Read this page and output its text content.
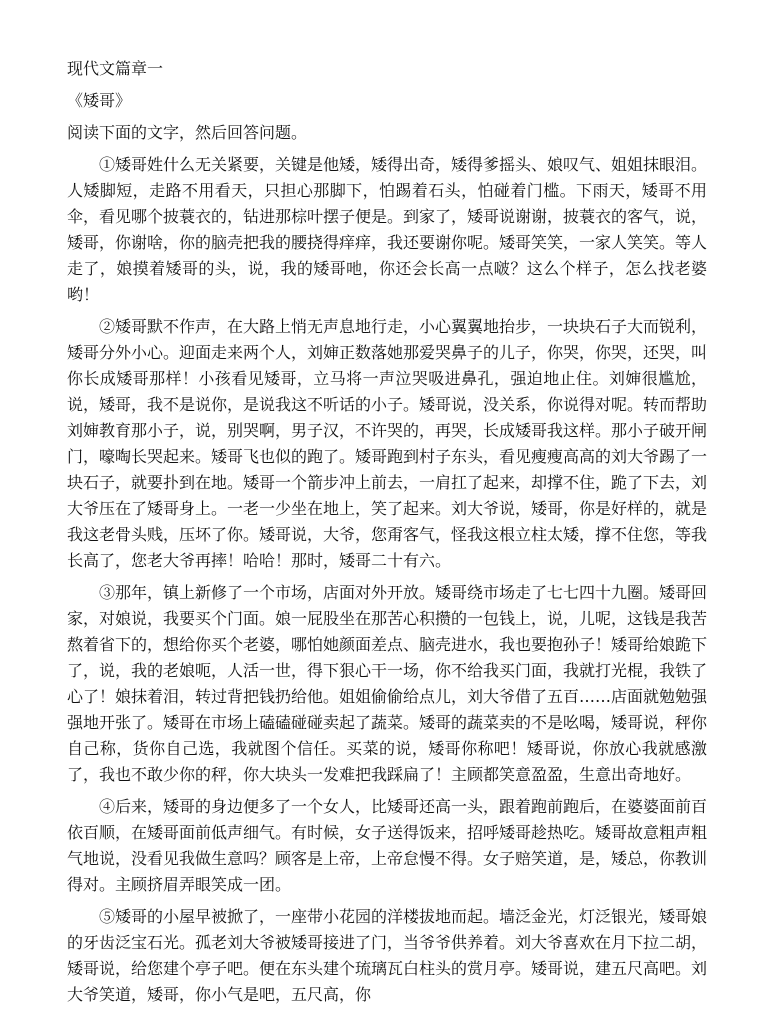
现代文篇章一
《矮哥》
阅读下面的文字，然后回答问题。

①矮哥姓什么无关紧要，关键是他矮，矮得出奇，矮得爹摇头、娘叹气、姐姐抹眼泪。人矮脚短，走路不用看天，只担心那脚下，怕踢着石头，怕碰着门槛。下雨天，矮哥不用伞，看见哪个披蓑衣的，钻进那棕叶摆子便是。到家了，矮哥说谢谢，披蓑衣的客气，说，矮哥，你谢啥，你的脑壳把我的腰挠得痒痒，我还要谢你呢。矮哥笑笑，一家人笑笑。等人走了，娘摸着矮哥的头，说，我的矮哥吔，你还会长高一点啵？这么个样子，怎么找老婆哟！

②矮哥默不作声，在大路上悄无声息地行走，小心翼翼地抬步，一块块石子大而锐利，矮哥分外小心。迎面走来两个人，刘婶正数落她那爱哭鼻子的儿子，你哭，你哭，还哭，叫你长成矮哥那样！小孩看见矮哥，立马将一声泣哭吸进鼻孔，强迫地止住。刘婶很尴尬，说，矮哥，我不是说你，是说我这不听话的小子。矮哥说，没关系，你说得对呢。转而帮助刘婶教育那小子，说，别哭啊，男子汉，不许哭的，再哭，长成矮哥我这样。那小子破开闸门，嚎啕长哭起来。矮哥飞也似的跑了。矮哥跑到村子东头，看见瘦瘦高高的刘大爷踢了一块石子，就要扑到在地。矮哥一个箭步冲上前去，一肩扛了起来，却撑不住，跪了下去，刘大爷压在了矮哥身上。一老一少坐在地上，笑了起来。刘大爷说，矮哥，你是好样的，就是我这老骨头贱，压坏了你。矮哥说，大爷，您甭客气，怪我这根立柱太矮，撑不住您，等我长高了，您老大爷再摔！哈哈！那时，矮哥二十有六。

③那年，镇上新修了一个市场，店面对外开放。矮哥绕市场走了七七四十九圈。矮哥回家，对娘说，我要买个门面。娘一屁股坐在那苦心积攒的一包钱上，说，儿呢，这钱是我苦熬着省下的，想给你买个老婆，哪怕她颜面差点、脑壳进水，我也要抱孙子！矮哥给娘跪下了，说，我的老娘呃，人活一世，得下狠心干一场，你不给我买门面，我就打光棍，我铁了心了！娘抹着泪，转过背把钱扔给他。姐姐偷偷给点儿，刘大爷借了五百……店面就勉勉强强地开张了。矮哥在市场上磕磕碰碰卖起了蔬菜。矮哥的蔬菜卖的不是吆喝，矮哥说，秤你自己称，货你自己选，我就图个信任。买菜的说，矮哥你称吧！矮哥说，你放心我就感激了，我也不敢少你的秤，你大块头一发难把我踩扁了！主顾都笑意盈盈，生意出奇地好。

④后来，矮哥的身边便多了一个女人，比矮哥还高一头，跟着跑前跑后，在婆婆面前百依百顺，在矮哥面前低声细气。有时候，女子送得饭来，招呼矮哥趁热吃。矮哥故意粗声粗气地说，没看见我做生意吗？顾客是上帝，上帝怠慢不得。女子赔笑道，是，矮总，你教训得对。主顾挤眉弄眼笑成一团。

⑤矮哥的小屋早被掀了，一座带小花园的洋楼拔地而起。墙泛金光，灯泛银光，矮哥娘的牙齿泛宝石光。孤老刘大爷被矮哥接进了门，当爷爷供养着。刘大爷喜欢在月下拉二胡，矮哥说，给您建个亭子吧。便在东头建个琉璃瓦白柱头的赏月亭。矮哥说，建五尺高吧。刘大爷笑道，矮哥，你小气是吧，五尺高，你
